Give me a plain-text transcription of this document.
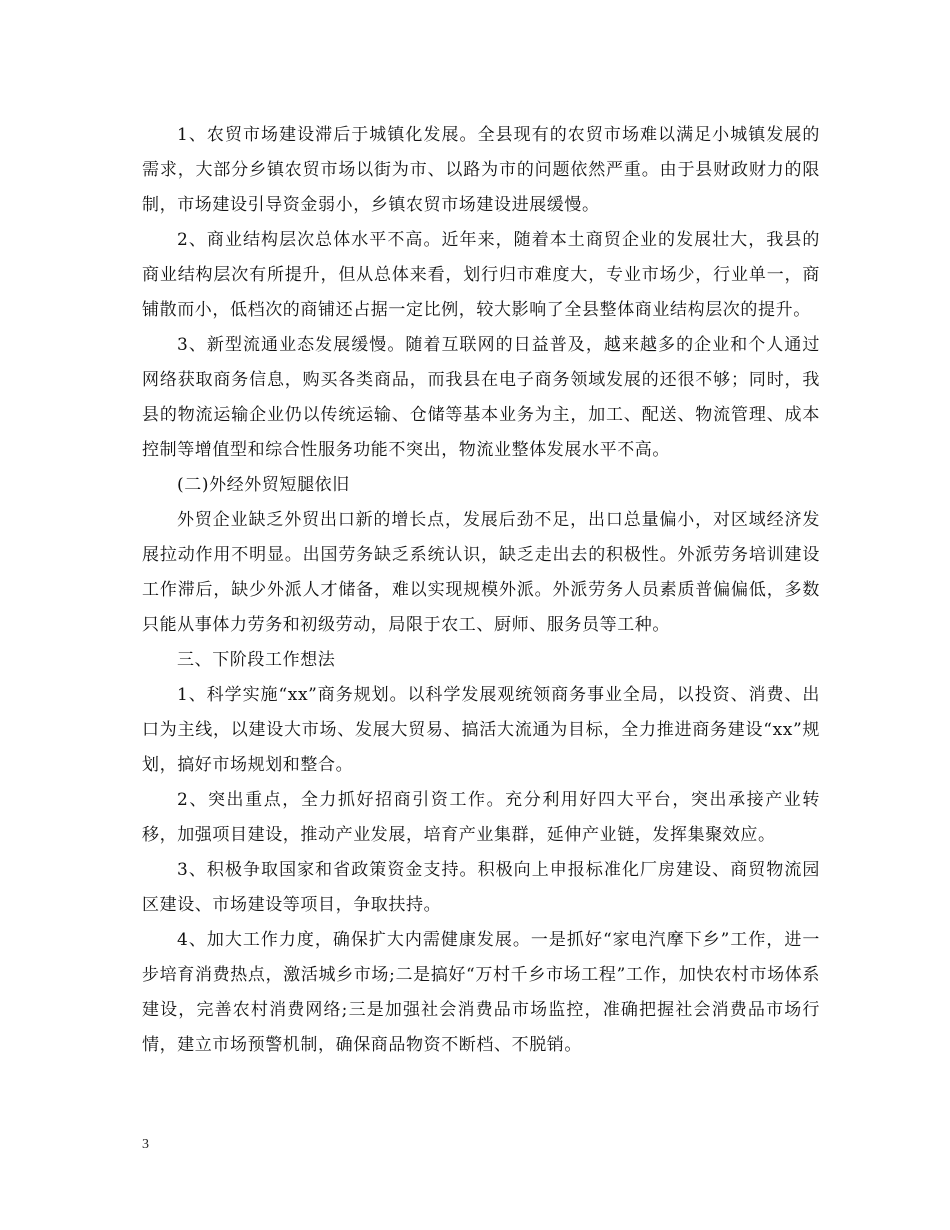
1、农贸市场建设滞后于城镇化发展。全县现有的农贸市场难以满足小城镇发展的需求，大部分乡镇农贸市场以街为市、以路为市的问题依然严重。由于县财政财力的限制，市场建设引导资金弱小，乡镇农贸市场建设进展缓慢。

2、商业结构层次总体水平不高。近年来，随着本土商贸企业的发展壮大，我县的商业结构层次有所提升，但从总体来看，划行归市难度大，专业市场少，行业单一，商铺散而小，低档次的商铺还占据一定比例，较大影响了全县整体商业结构层次的提升。

3、新型流通业态发展缓慢。随着互联网的日益普及，越来越多的企业和个人通过网络获取商务信息，购买各类商品，而我县在电子商务领域发展的还很不够；同时，我县的物流运输企业仍以传统运输、仓储等基本业务为主，加工、配送、物流管理、成本控制等增值型和综合性服务功能不突出，物流业整体发展水平不高。

(二)外经外贸短腿依旧

外贸企业缺乏外贸出口新的增长点，发展后劲不足，出口总量偏小，对区域经济发展拉动作用不明显。出国劳务缺乏系统认识，缺乏走出去的积极性。外派劳务培训建设工作滞后，缺少外派人才储备，难以实现规模外派。外派劳务人员素质普偏偏低，多数只能从事体力劳务和初级劳动，局限于农工、厨师、服务员等工种。

三、下阶段工作想法

1、科学实施“xx”商务规划。以科学发展观统领商务事业全局，以投资、消费、出口为主线，以建设大市场、发展大贸易、搞活大流通为目标，全力推进商务建设“xx”规划，搞好市场规划和整合。

2、突出重点，全力抓好招商引资工作。充分利用好四大平台，突出承接产业转移，加强项目建设，推动产业发展，培育产业集群，延伸产业链，发挥集聚效应。

3、积极争取国家和省政策资金支持。积极向上申报标准化厂房建设、商贸物流园区建设、市场建设等项目，争取扶持。

4、加大工作力度，确保扩大内需健康发展。一是抓好“家电汽摩下乡”工作，进一步培育消费热点，激活城乡市场;二是搞好“万村千乡市场工程”工作，加快农村市场体系建设，完善农村消费网络;三是加强社会消费品市场监控，准确把握社会消费品市场行情，建立市场预警机制，确保商品物资不断档、不脱销。

3
